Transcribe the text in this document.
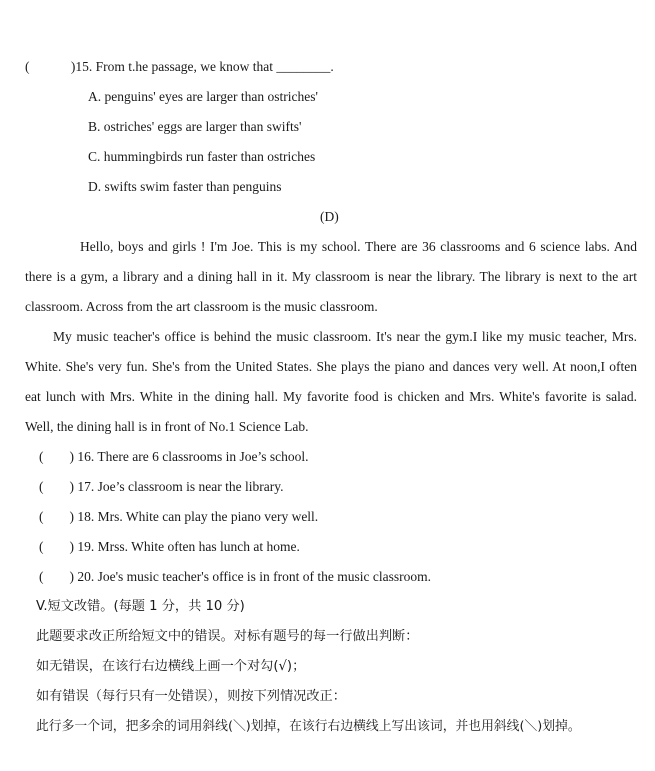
(	)15. From t.he passage, we know that ________.
A. penguins' eyes are larger than ostriches'
B. ostriches' eggs are larger than swifts'
C. hummingbirds run faster than ostriches
D. swifts swim faster than penguins
(D)
Hello, boys and girls ! I'm Joe. This is my school. There are 36 classrooms and 6 science labs. And
there is a gym, a library and a dining hall in it. My classroom is near the library. The library is next to the art
classroom. Across from the art classroom is the music classroom.
My music teacher's office is behind the music classroom. It's near the gym.I like my music teacher, Mrs.
White. She's very fun. She's from the United States. She plays the piano and dances very well. At noon,I often
eat lunch with Mrs. White in the dining hall. My favorite food is chicken and Mrs. White's favorite is salad.
Well, the dining hall is in front of No.1 Science Lab.
( ) 16. There are 6 classrooms in Joe’s school.
( ) 17. Joe’s classroom is near the library.
( ) 18. Mrs. White can play the piano very well.
( ) 19. Mrss. White often has lunch at home.
( ) 20. Joe's music teacher's office is in front of the music classroom.
V.短文改错。(每题 1 分，共 10 分)
此题要求改正所给短文中的错误。对标有题号的每一行做出判断：
如无错误，在该行右边横线上画一个对勾(√)；
如有错误（每行只有一处错误），则按下列情况改正：
此行多一个词，把多余的词用斜线(＼)划掉，在该行右边横线上写出该词，并也用斜线(＼)划掉。
